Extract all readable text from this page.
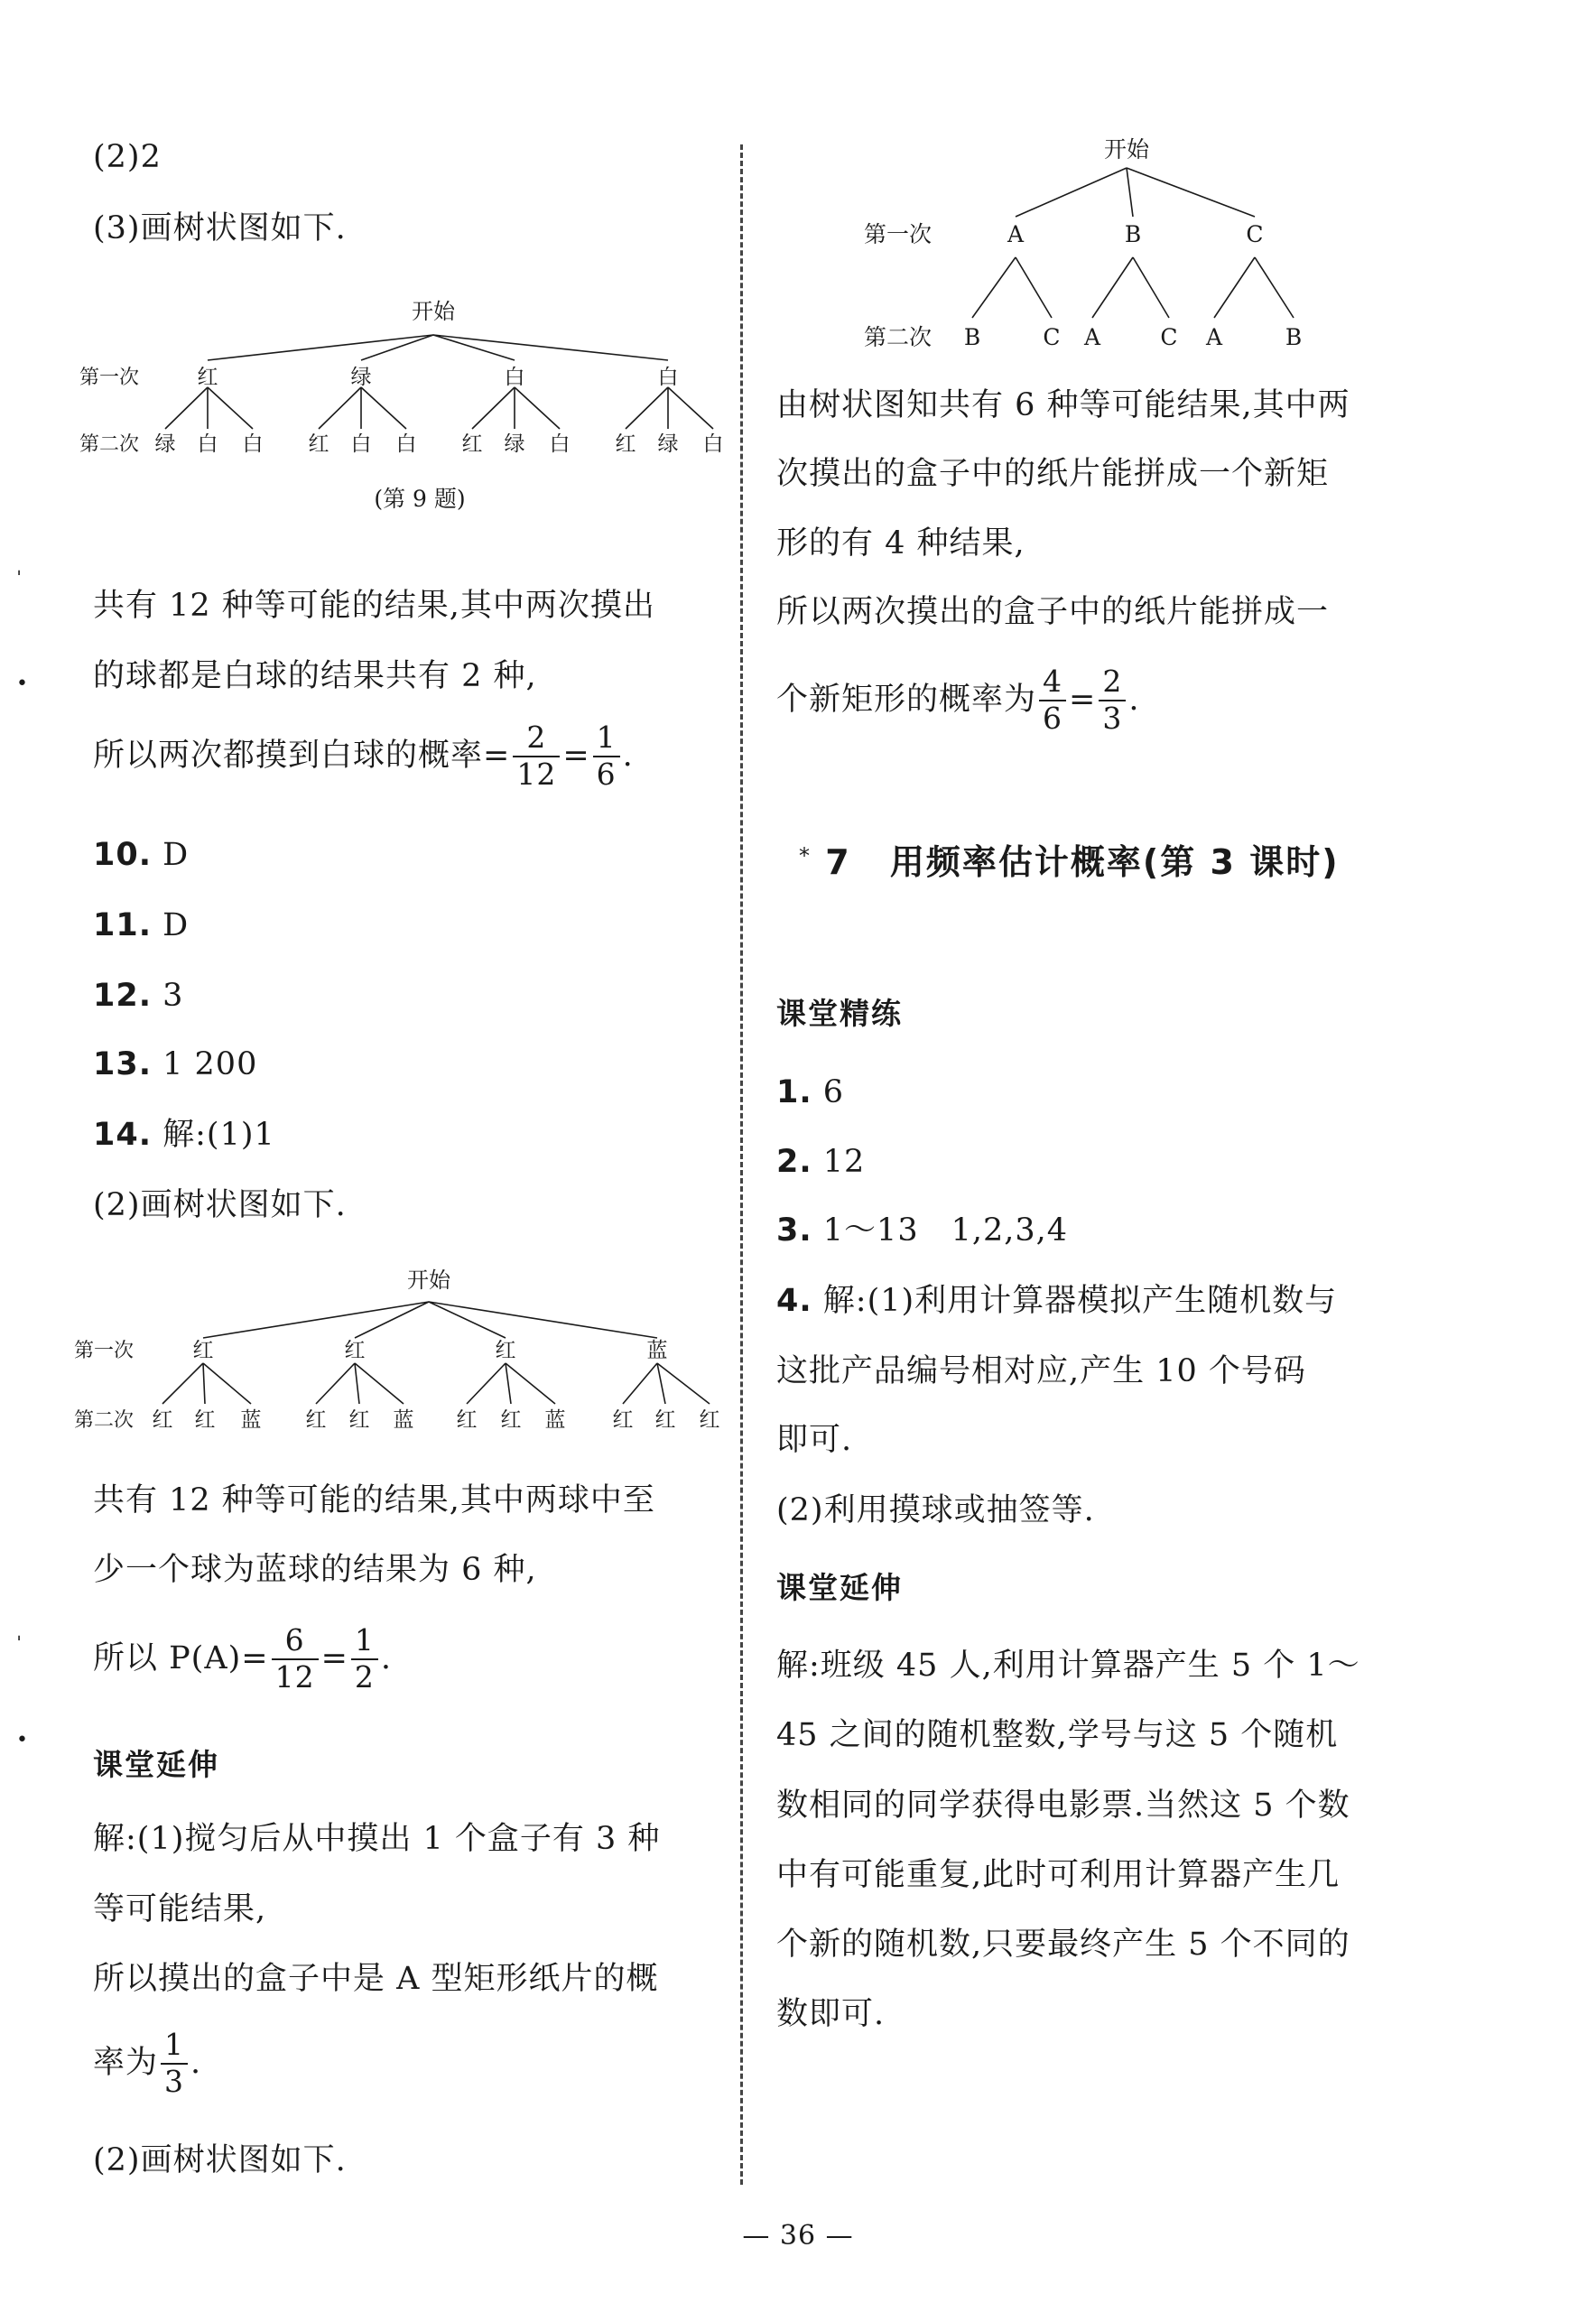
(2)2
(3)画树状图如下.
开始
第一次
第二次
红	绿	白	白
绿 白 白 红 白 白 红 绿 白 红 绿 白
(第 9 题)
ˈ
•
共有 12 种等可能的结果,其中两次摸出
的球都是白球的结果共有 2 种,
所以两次都摸到白球的概率= $\frac{2}{12} = \frac{1}{6}$ .
10. D
11. D
12. 3
13. 1 200
14. 解:(1)1
(2)画树状图如下.
开始
第一次
第二次
红	红	红	蓝
红 红 蓝 红 红 蓝 红 红 蓝 红 红 红
共有 12 种等可能的结果,其中两球中至
少一个球为蓝球的结果为 6 种,
ˈ 所以 $P(A)= \frac{6}{12} = \frac{1}{2}$ .
•
课堂延伸
解:(1)搅匀后从中摸出 1 个盒子有 3 种
等可能结果,
所以摸出的盒子中是 A 型矩形纸片的概
率为 $\frac{1}{3}$ .
(2)画树状图如下.
开始
第一次
第二次
A	B	C
B	C A	C A	B
由树状图知共有 6 种等可能结果,其中两
次摸出的盒子中的纸片能拼成一个新矩
形的有 4 种结果,
所以两次摸出的盒子中的纸片能拼成一
个新矩形的概率为 $\frac{4}{6} = \frac{2}{3}$ .
* 7 用频率估计概率(第 3 课时)
课堂精练
1. 6
2. 12
3. 1～13　1,2,3,4
4. 解:(1)利用计算器模拟产生随机数与
这批产品编号相对应,产生 10 个号码
即可.
(2)利用摸球或抽签等.
课堂延伸
解:班级 45 人,利用计算器产生 5 个 1～
45 之间的随机整数,学号与这 5 个随机
数相同的同学获得电影票.当然这 5 个数
中有可能重复,此时可利用计算器产生几
个新的随机数,只要最终产生 5 个不同的
数即可.
— 36 —
